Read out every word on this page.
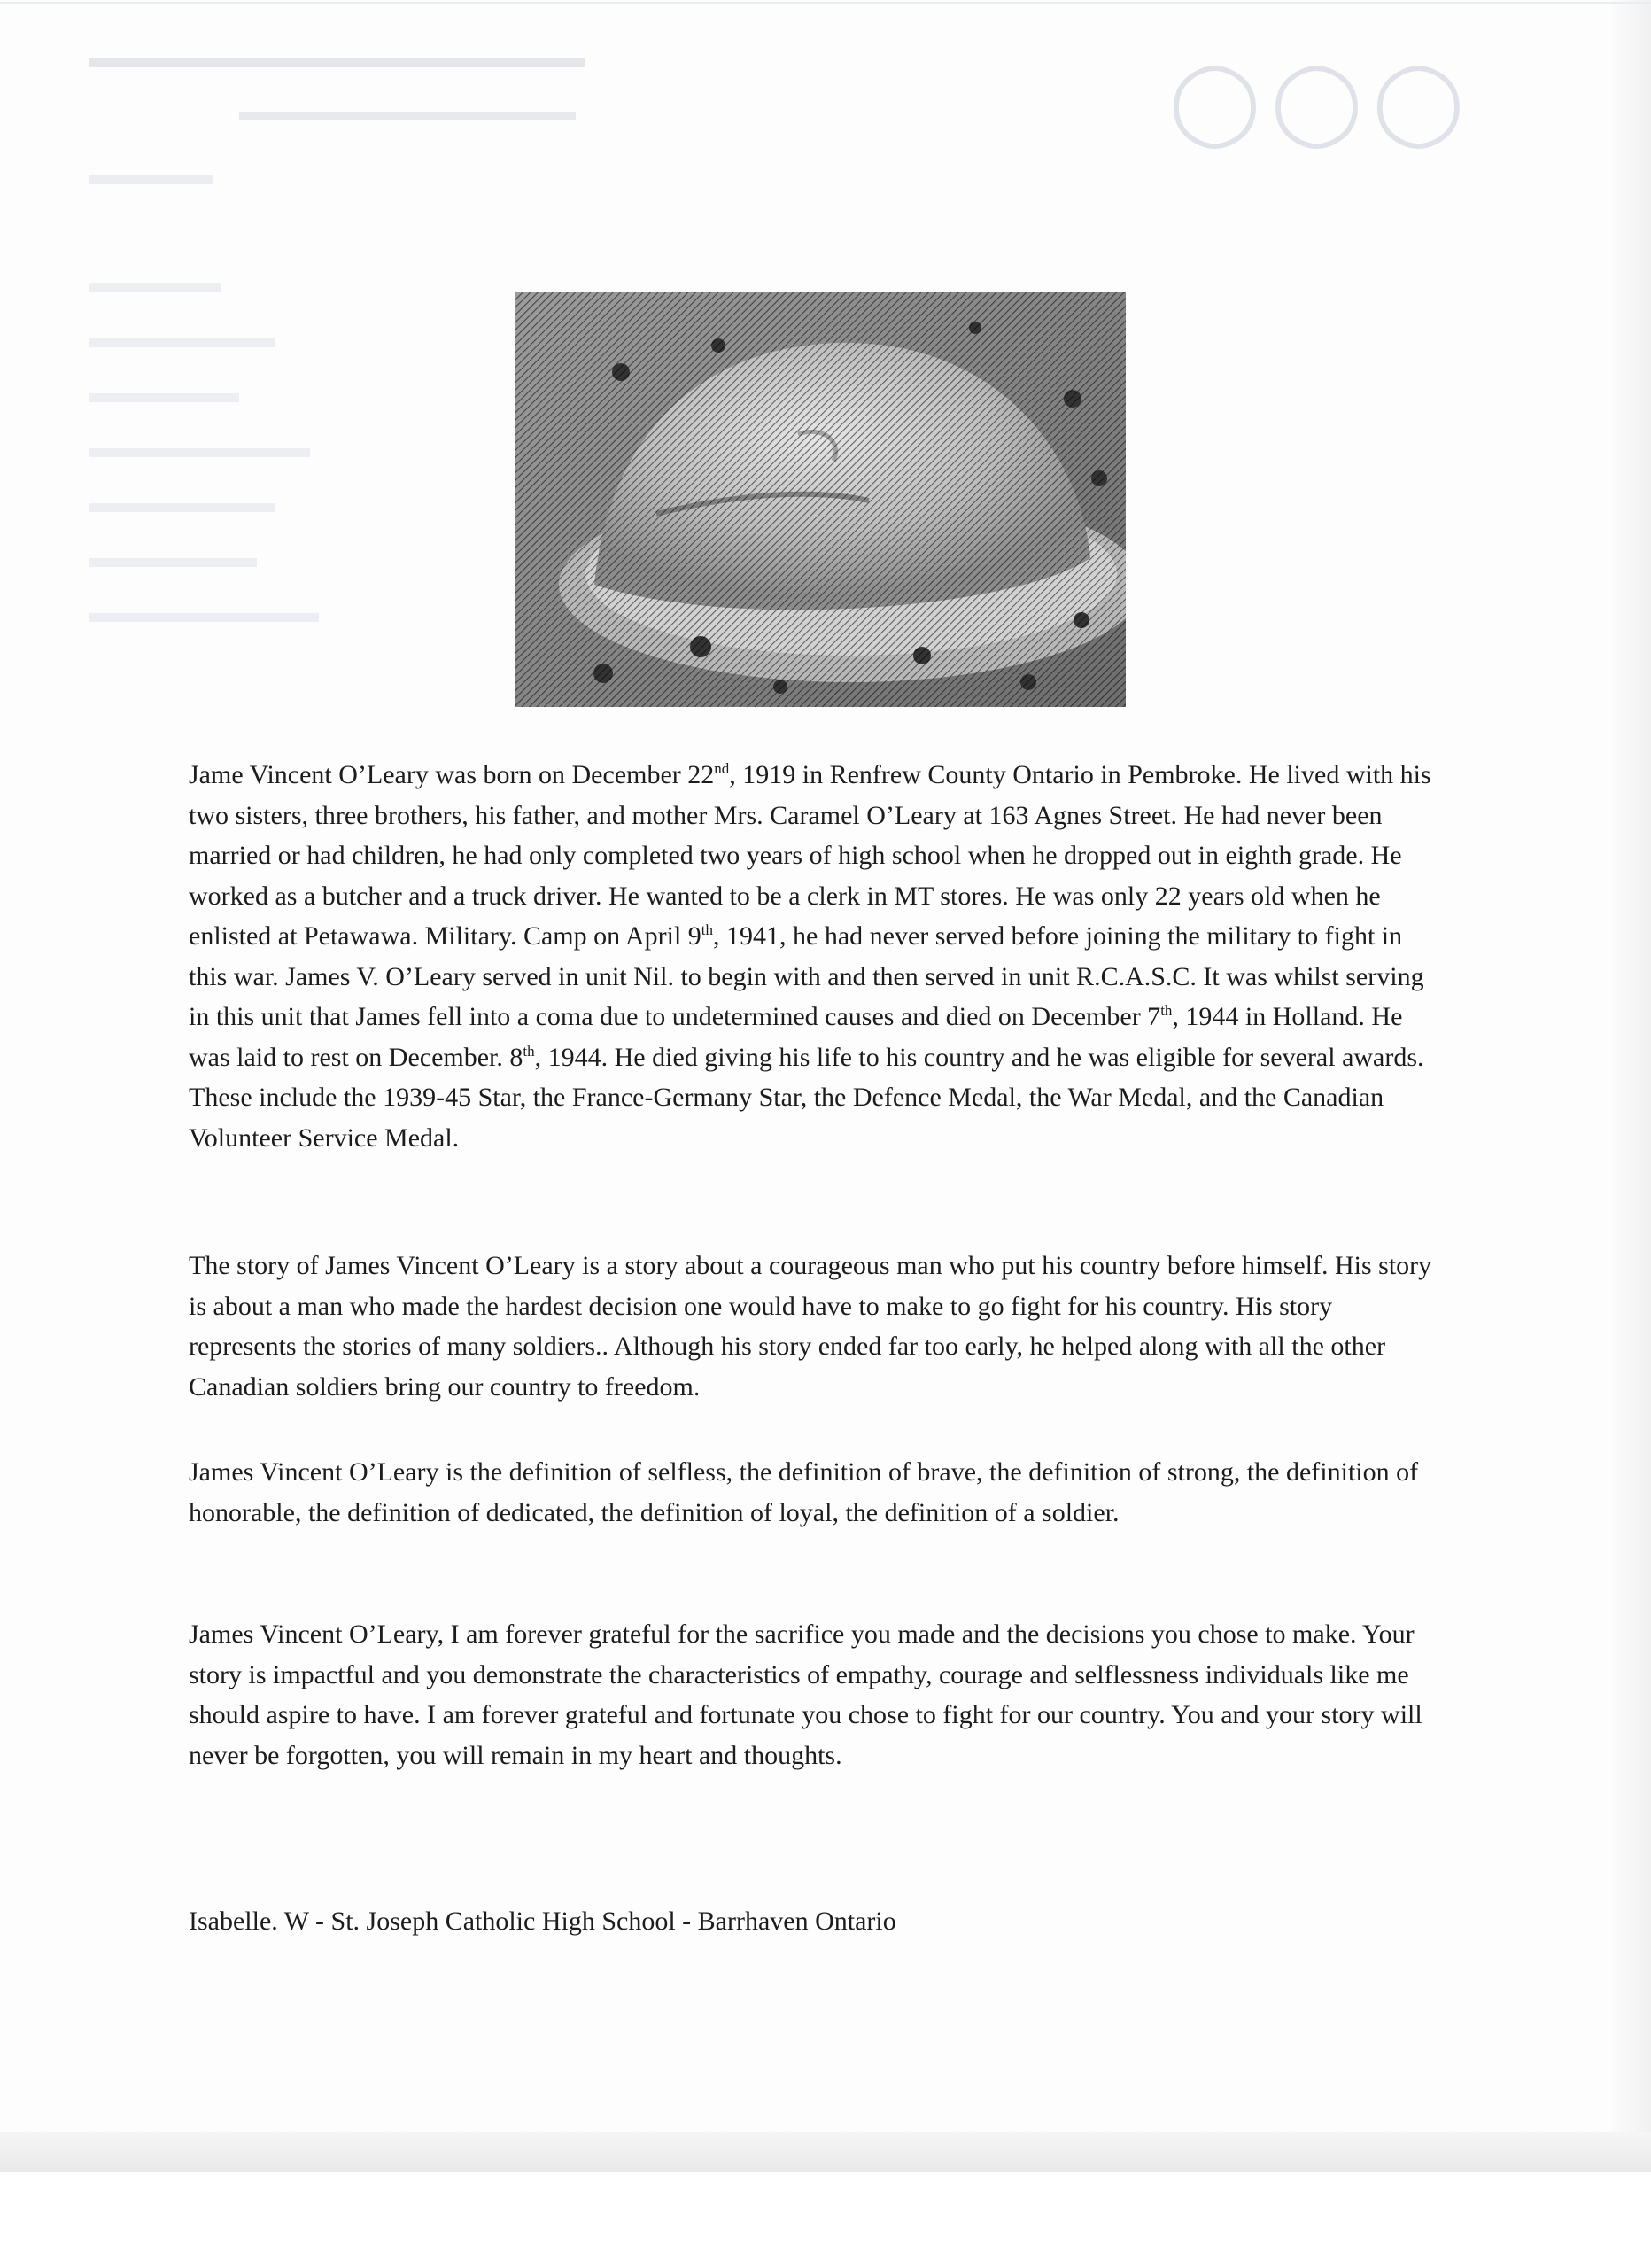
◯◯◯

Jame Vincent O’Leary was born on December 22nd, 1919 in Renfrew County Ontario in Pembroke. He lived with his two sisters, three brothers, his father, and mother Mrs. Caramel O’Leary at 163 Agnes Street. He had never been married or had children, he had only completed two years of high school when he dropped out in eighth grade. He worked as a butcher and a truck driver. He wanted to be a clerk in MT stores. He was only 22 years old when he enlisted at Petawawa. Military. Camp on April 9th, 1941, he had never served before joining the military to fight in this war. James V. O’Leary served in unit Nil. to begin with and then served in unit R.C.A.S.C. It was whilst serving in this unit that James fell into a coma due to undetermined causes and died on December 7th, 1944 in Holland. He was laid to rest on December. 8th, 1944. He died giving his life to his country and he was eligible for several awards. These include the 1939-45 Star, the France-Germany Star, the Defence Medal, the War Medal, and the Canadian Volunteer Service Medal.

The story of James Vincent O’Leary is a story about a courageous man who put his country before himself. His story is about a man who made the hardest decision one would have to make to go fight for his country. His story represents the stories of many soldiers.. Although his story ended far too early, he helped along with all the other Canadian soldiers bring our country to freedom.

James Vincent O’Leary is the definition of selfless, the definition of brave, the definition of strong, the definition of honorable, the definition of dedicated, the definition of loyal, the definition of a soldier.

James Vincent O’Leary, I am forever grateful for the sacrifice you made and the decisions you chose to make. Your story is impactful and you demonstrate the characteristics of empathy, courage and selflessness individuals like me should aspire to have. I am forever grateful and fortunate you chose to fight for our country. You and your story will never be forgotten, you will remain in my heart and thoughts.

Isabelle. W - St. Joseph Catholic High School - Barrhaven Ontario
